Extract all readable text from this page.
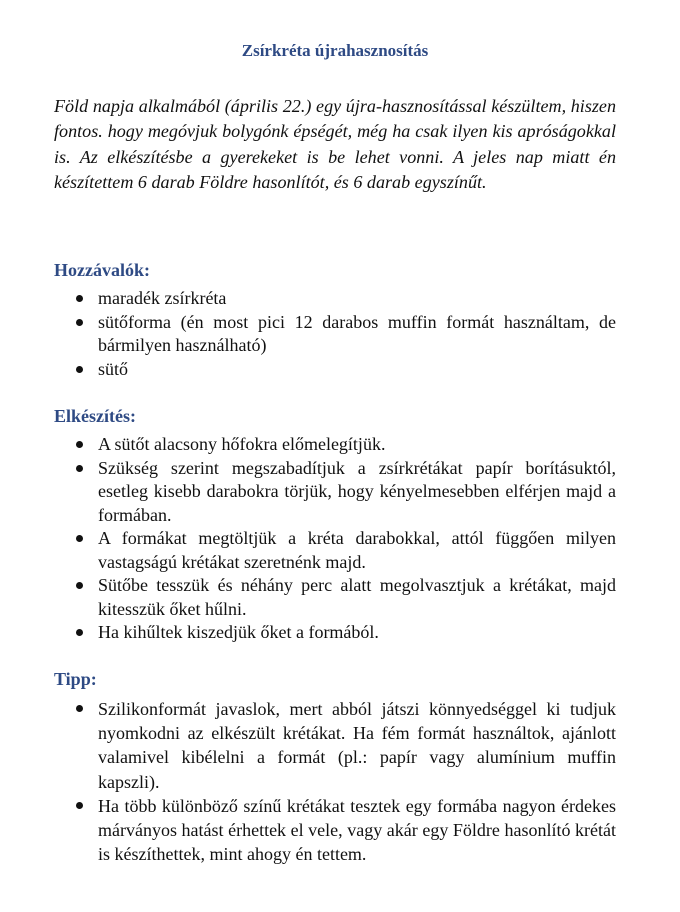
Zsírkréta újrahasznosítás

Föld napja alkalmából (április 22.) egy újra-hasznosítással készültem, hiszen fontos. hogy megóvjuk bolygónk épségét, még ha csak ilyen kis apróságokkal is. Az elkészítésbe a gyerekeket is be lehet vonni. A jeles nap miatt én készítettem 6 darab Földre hasonlítót, és 6 darab egyszínűt.

Hozzávalók:
maradék zsírkréta
sütőforma (én most pici 12 darabos muffin formát használtam, de bármilyen használható)
sütő
Elkészítés:
A sütőt alacsony hőfokra előmelegítjük.
Szükség szerint megszabadítjuk a zsírkrétákat papír borításuktól, esetleg kisebb darabokra törjük, hogy kényelmesebben elférjen majd a formában.
A formákat megtöltjük a kréta darabokkal, attól függően milyen vastagságú krétákat szeretnénk majd.
Sütőbe tesszük és néhány perc alatt megolvasztjuk a krétákat, majd kitesszük őket hűlni.
Ha kihűltek kiszedjük őket a formából.
Tipp:
Szilikonformát javaslok, mert abból játszi könnyedséggel ki tudjuk nyomkodni az elkészült krétákat. Ha fém formát használtok, ajánlott valamivel kibélelni a formát (pl.: papír vagy alumínium muffin kapszli).
Ha több különböző színű krétákat tesztek egy formába nagyon érdekes márványos hatást érhettek el vele, vagy akár egy Földre hasonlító krétát is készíthettek, mint ahogy én tettem.
